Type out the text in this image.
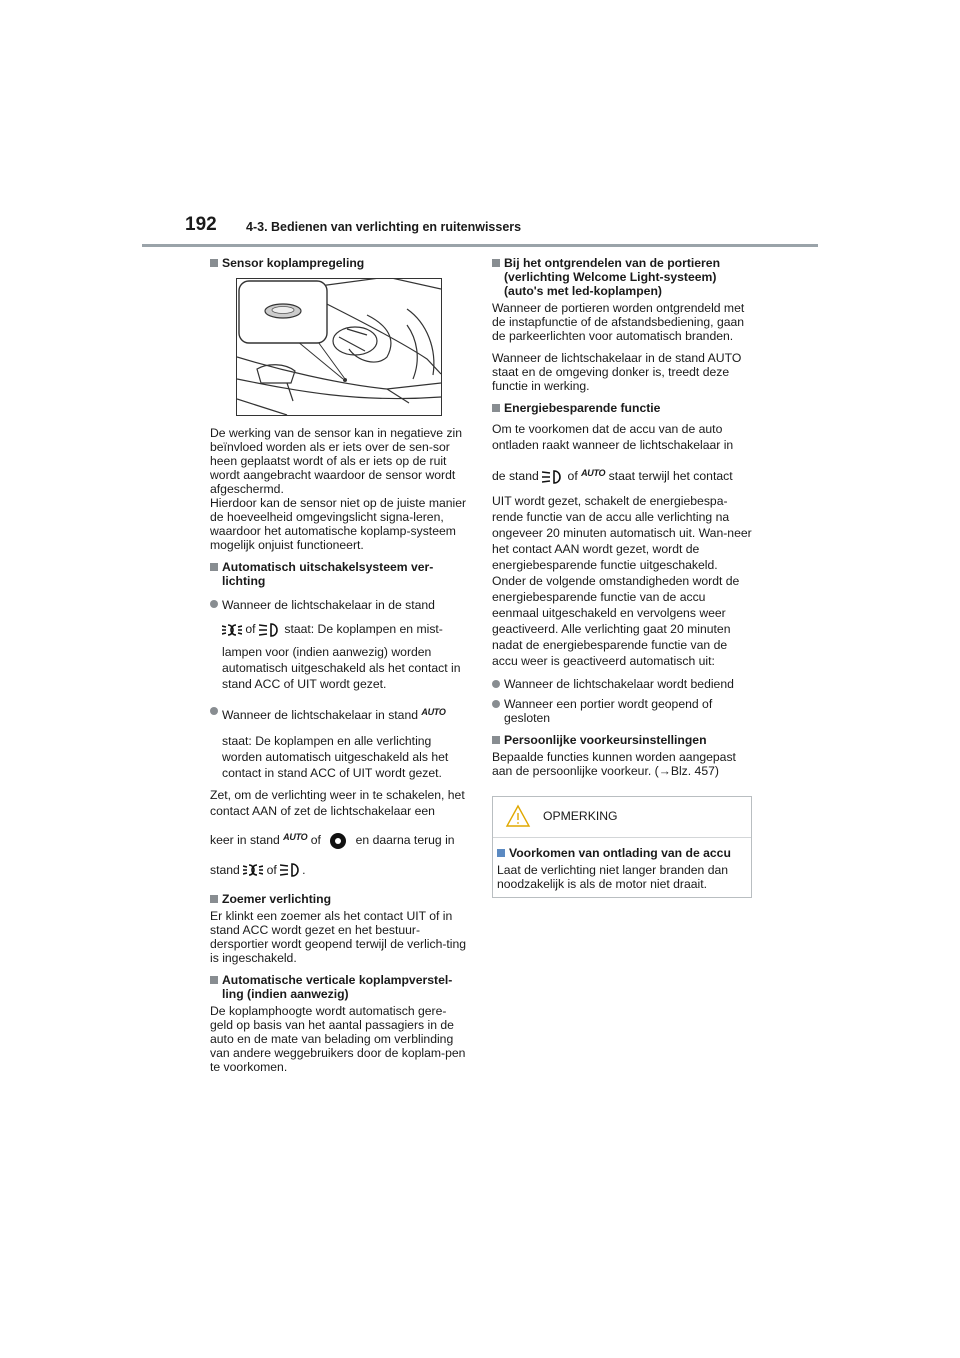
192 4-3. Bedienen van verlichting en ruitenwissers
Sensor koplampregeling

De werking van de sensor kan in negatieve zin beïnvloed worden als er iets over de sen-sor heen geplaatst wordt of als er iets op de ruit wordt aangebracht waardoor de sensor wordt afgeschermd.

Hierdoor kan de sensor niet op de juiste manier de hoeveelheid omgevingslicht signa-leren, waardoor het automatische koplamp-systeem mogelijk onjuist functioneert.

Automatisch uitschakelsysteem ver-lichting
Wanneer de lichtschakelaar in de stand
of staat: De koplampen en mist-
lampen voor (indien aanwezig) worden automatisch uitgeschakeld als het contact in stand ACC of UIT wordt gezet.
Wanneer de lichtschakelaar in stand $^{AUTO}$
staat: De koplampen en alle verlichting worden automatisch uitgeschakeld als het contact in stand ACC of UIT wordt gezet.

Zet, om de verlichting weer in te schakelen, het contact AAN of zet de lichtschakelaar een

keer in stand $^{AUTO}$ of	en daarna terug in

stand of .

Zoemer verlichting

Er klinkt een zoemer als het contact UIT of in stand ACC wordt gezet en het bestuur-dersportier wordt geopend terwijl de verlich-ting is ingeschakeld.

Automatische verticale koplampverstel-ling (indien aanwezig)

De koplamphoogte wordt automatisch gere-geld op basis van het aantal passagiers in de auto en de mate van belading om verblinding van andere weggebruikers door de koplam-pen te voorkomen.

Bij het ontgrendelen van de portieren (verlichting Welcome Light-systeem) (auto's met led-koplampen)

Wanneer de portieren worden ontgrendeld met de instapfunctie of de afstandsbediening, gaan de parkeerlichten voor automatisch branden.

Wanneer de lichtschakelaar in de stand AUTO staat en de omgeving donker is, treedt deze functie in werking.

Energiebesparende functie

Om te voorkomen dat de accu van de auto ontladen raakt wanneer de lichtschakelaar in

de stand of $^{AUTO}$ staat terwijl het contact

UIT wordt gezet, schakelt de energiebespa-rende functie van de accu alle verlichting na ongeveer 20 minuten automatisch uit. Wan-neer het contact AAN wordt gezet, wordt de energiebesparende functie uitgeschakeld. Onder de volgende omstandigheden wordt de energiebesparende functie van de accu eenmaal uitgeschakeld en vervolgens weer geactiveerd. Alle verlichting gaat 20 minuten nadat de energiebesparende functie van de accu weer is geactiveerd automatisch uit:

Wanneer de lichtschakelaar wordt bediend
Wanneer een portier wordt geopend of gesloten
Persoonlijke voorkeursinstellingen

Bepaalde functies kunnen worden aangepast aan de persoonlijke voorkeur. (→Blz. 457)

OPMERKING
Voorkomen van ontlading van de accu

Laat de verlichting niet langer branden dan noodzakelijk is als de motor niet draait.
